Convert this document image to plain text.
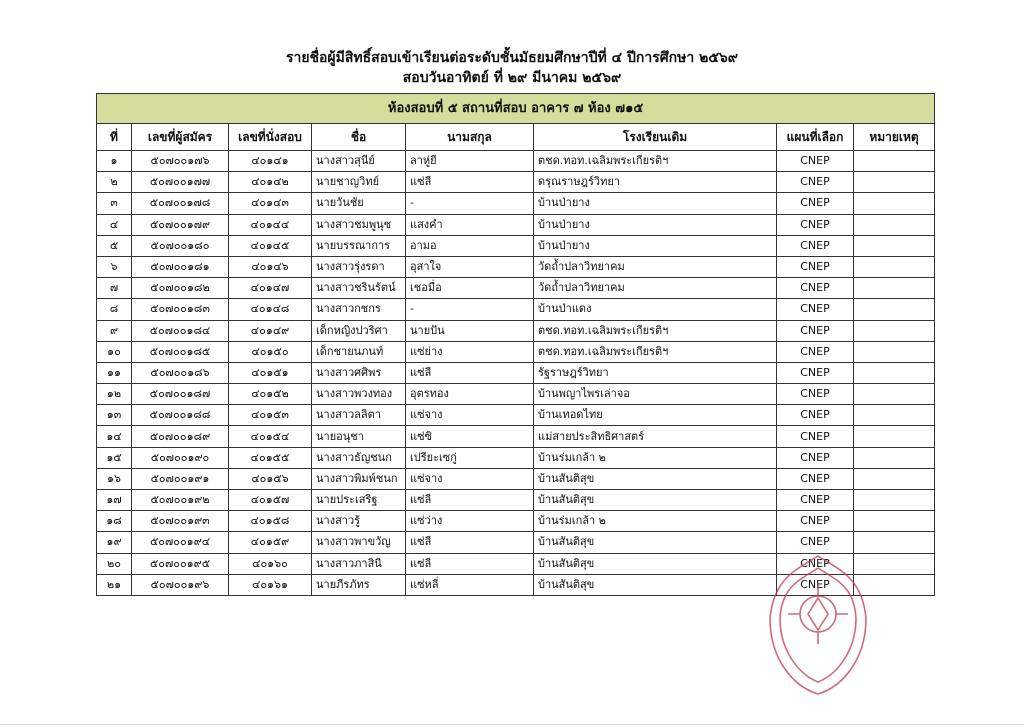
รายชื่อผู้มีสิทธิ์สอบเข้าเรียนต่อระดับชั้นมัธยมศึกษาปีที่ ๔ ปีการศึกษา ๒๕๖๙
สอบวันอาทิตย์ ที่ ๒๙ มีนาคม ๒๕๖๙
ห้องสอบที่ ๕ สถานที่สอบ อาคาร ๗ ห้อง ๗๑๕							
ที่	เลขที่ผู้สมัคร	เลขที่นั่งสอบ	ชื่อ	นามสกุล	โรงเรียนเดิม	แผนที่เลือก	หมายเหตุ
๑	๕๐๗๐๐๑๗๖	๔๐๑๔๑	นางสาวสุนีย์	ลาหู่ยี	ตชด.ทอท.เฉลิมพระเกียรติฯ	CNEP	
๒	๕๐๗๐๐๑๗๗	๔๐๑๔๒	นายชาญวิทย์	แซ่ลี	ดรุณราษฎร์วิทยา	CNEP	
๓	๕๐๗๐๐๑๗๘	๔๐๑๔๓	นายวันชัย	-	บ้านป่ายาง	CNEP	
๔	๕๐๗๐๐๑๗๙	๔๐๑๔๔	นางสาวชมพูนุช	แสงคำ	บ้านป่ายาง	CNEP	
๕	๕๐๗๐๐๑๘๐	๔๐๑๔๕	นายบรรณาการ	อามอ	บ้านป่ายาง	CNEP	
๖	๕๐๗๐๐๑๘๑	๔๐๑๔๖	นางสาวรุ่งรดา	อุสาใจ	วัดถ้ำปลาวิทยาคม	CNEP	
๗	๕๐๗๐๐๑๘๒	๔๐๑๔๗	นางสาวชรินรัตน์	เชอมื่อ	วัดถ้ำปลาวิทยาคม	CNEP	
๘	๕๐๗๐๐๑๘๓	๔๐๑๔๘	นางสาวกชกร	-	บ้านป่าแดง	CNEP	
๙	๕๐๗๐๐๑๘๔	๔๐๑๔๙	เด็กหญิงปวริศา	นายปัน	ตชด.ทอท.เฉลิมพระเกียรติฯ	CNEP	
๑๐	๕๐๗๐๐๑๘๕	๔๐๑๕๐	เด็กชายนภนท์	แซ่ย่าง	ตชด.ทอท.เฉลิมพระเกียรติฯ	CNEP	
๑๑	๕๐๗๐๐๑๘๖	๔๐๑๕๑	นางสาวศศิพร	แซ่ลี	รัฐราษฎร์วิทยา	CNEP	
๑๒	๕๐๗๐๐๑๘๗	๔๐๑๕๒	นางสาวพวงทอง	อุตรทอง	บ้านพญาไพรเล่าจอ	CNEP	
๑๓	๕๐๗๐๐๑๘๘	๔๐๑๕๓	นางสาวลลิตา	แซ่จาง	บ้านเทอดไทย	CNEP	
๑๔	๕๐๗๐๐๑๘๙	๔๐๑๕๔	นายอนุชา	แซ่ซิ	แม่สายประสิทธิศาสตร์	CNEP	
๑๕	๕๐๗๐๐๑๙๐	๔๐๑๕๕	นางสาวธัญชนก	เปรียะเซกู่	บ้านร่มเกล้า ๒	CNEP	
๑๖	๕๐๗๐๐๑๙๑	๔๐๑๕๖	นางสาวพิมพ์ชนก	แซ่จาง	บ้านสันติสุข	CNEP	
๑๗	๕๐๗๐๐๑๙๒	๔๐๑๕๗	นายประเสริฐ	แซ่ลี	บ้านสันติสุข	CNEP	
๑๘	๕๐๗๐๐๑๙๓	๔๐๑๕๘	นางสาวรู้	แซ่ว่าง	บ้านร่มเกล้า ๒	CNEP	
๑๙	๕๐๗๐๐๑๙๔	๔๐๑๕๙	นางสาวพาขวัญ	แซ่ลี	บ้านสันติสุข	CNEP	
๒๐	๕๐๗๐๐๑๙๕	๔๐๑๖๐	นางสาวภาสินี	แซ่ลี	บ้านสันติสุข	CNEP	
๒๑	๕๐๗๐๐๑๙๖	๔๐๑๖๑	นายภีรภัทร	แซ่หลี่	บ้านสันติสุข	CNEP	
